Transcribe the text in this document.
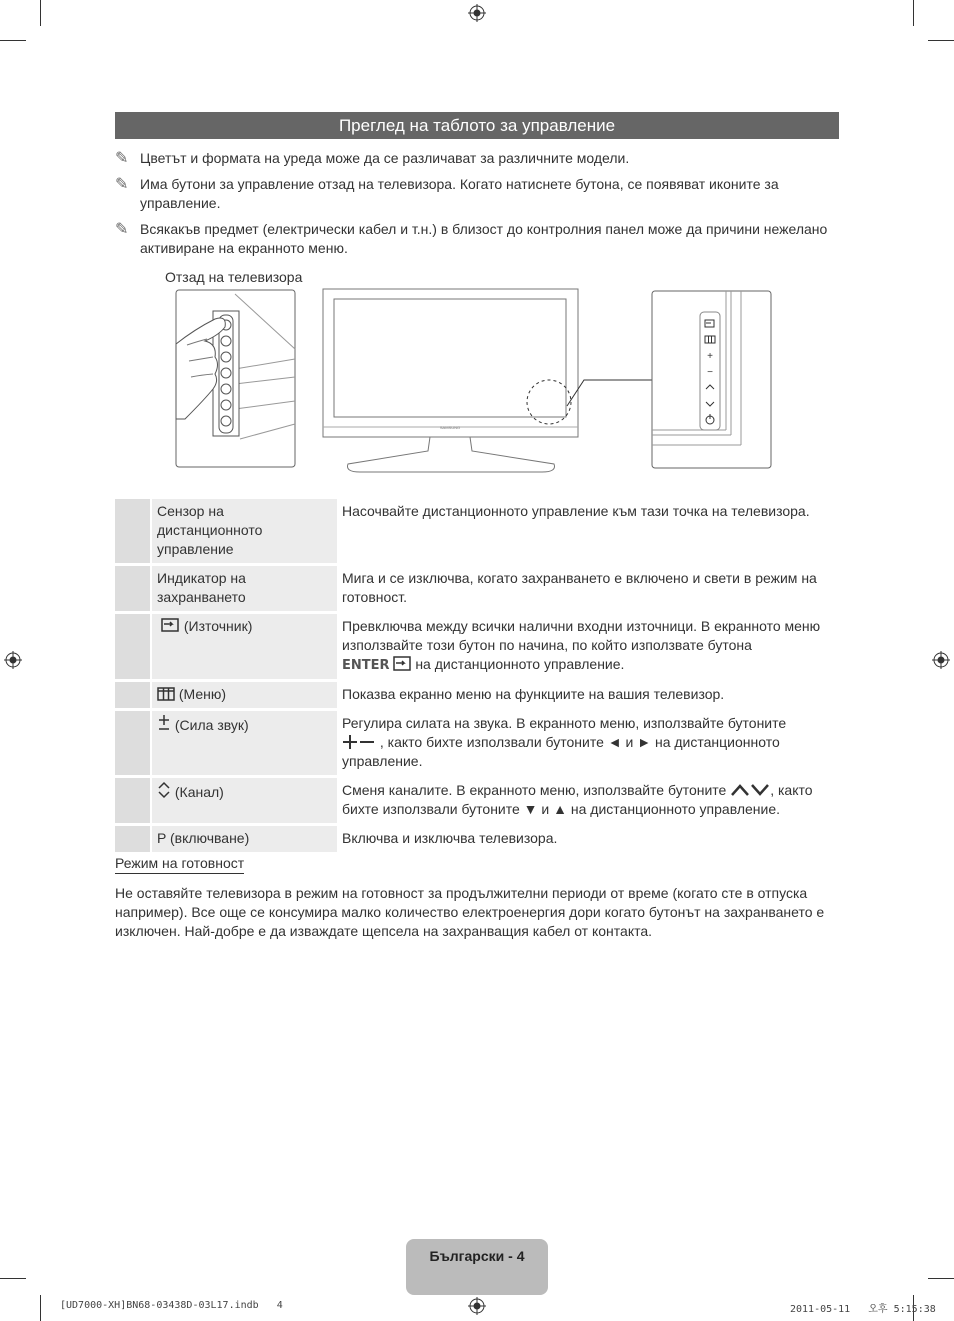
Преглед на таблото за управление
✎ Цветът и формата на уреда може да се различават за различните модели.
✎ Има бутони за управление отзад на телевизора. Когато натиснете бутона, се появяват иконите за управление.
✎ Всякакъв предмет (електрически кабел и т.н.) в близост до контролния панел може да причини нежелано активиране на екранното меню.
Отзад на телевизора
SAMSUNG
+
−
	Сензор на дистанционното управление	Насочвайте дистанционното управление към тази точка на телевизора.
	Индикатор на захранването	Мига и се изключва, когато захранването е включено и свети в режим на готовност.
	(Източник)	Превключва между всички налични входни източници. В екранното меню използвайте този бутон по начина, по който използвате бутона
ENTER на дистанционното управление.
	(Меню)	Показва екранно меню на функциите на вашия телевизор.
	(Сила звук)	Регулира силата на звука. В екранното меню, използвайте бутоните
, както бихте използвали бутоните ◄ и ► на дистанционното управление.
	(Канал)	Сменя каналите. В екранното меню, използвайте бутоните , както бихте използвали бутоните ▼ и ▲ на дистанционното управление.
	P (включване)	Включва и изключва телевизора.
Режим на готовност
Не оставяйте телевизора в режим на готовност за продължителни периоди от време (когато сте в отпуска например). Все още се консумира малко количество електроенергия дори когато бутонът на захранването е изключен. Най-добре е да изваждате щепсела на захранващия кабел от контакта.
Български - 4
[UD7000-XH]BN68-03438D-03L17.indb   4	2011-05-11   오후 5:15:38
